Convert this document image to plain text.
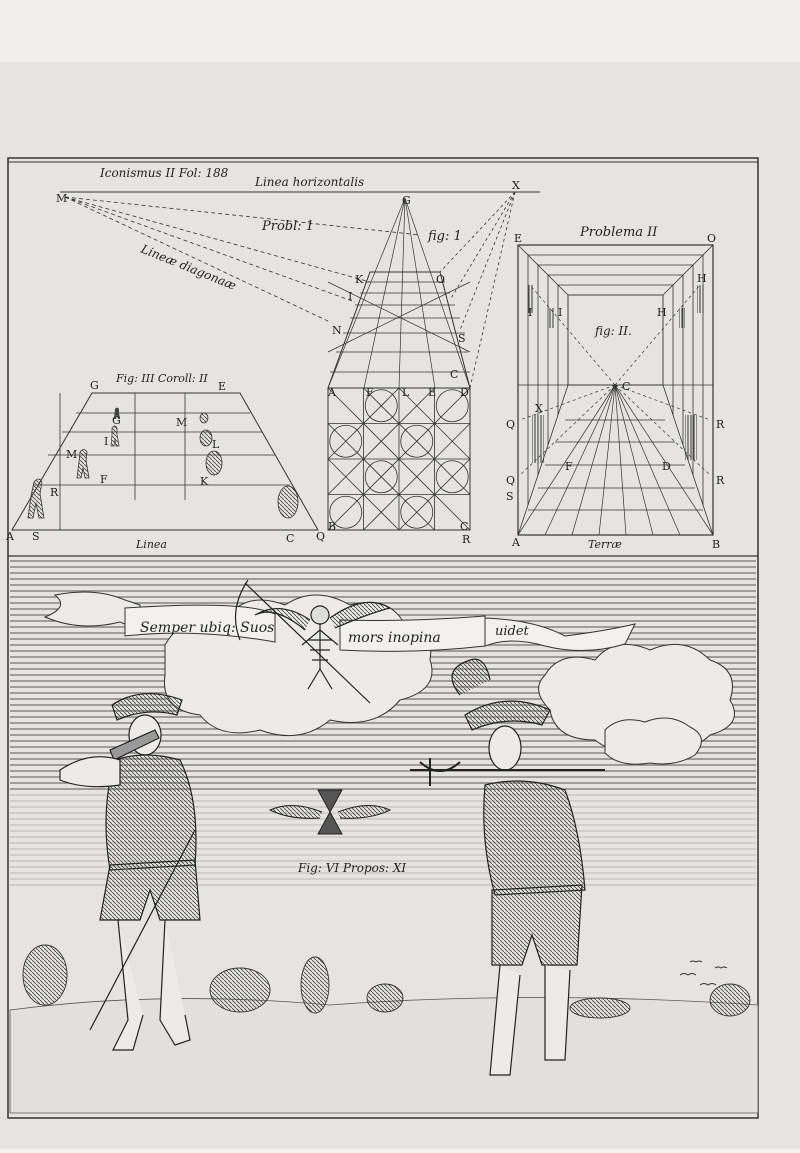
Iconismus II Fol: 188
Linea horizontalis
M
Lineæ diagonaæ
Probl: 1
fig: 1
G
X
K	O
I
N
S
C
D
A	F	L E
B	C
R
Q
Problema II
fig: II.
E	O
H
H
I I
C
X
Q
Q
S
F	D
R
R
A	B
Terræ
Fig: III Coroll: II
G	E
G	M
I	L
M
F	K
R
A S	C
Linea
Semper ubiq: Suos
mors inopina	uidet
Fig: VI Propos: XI
